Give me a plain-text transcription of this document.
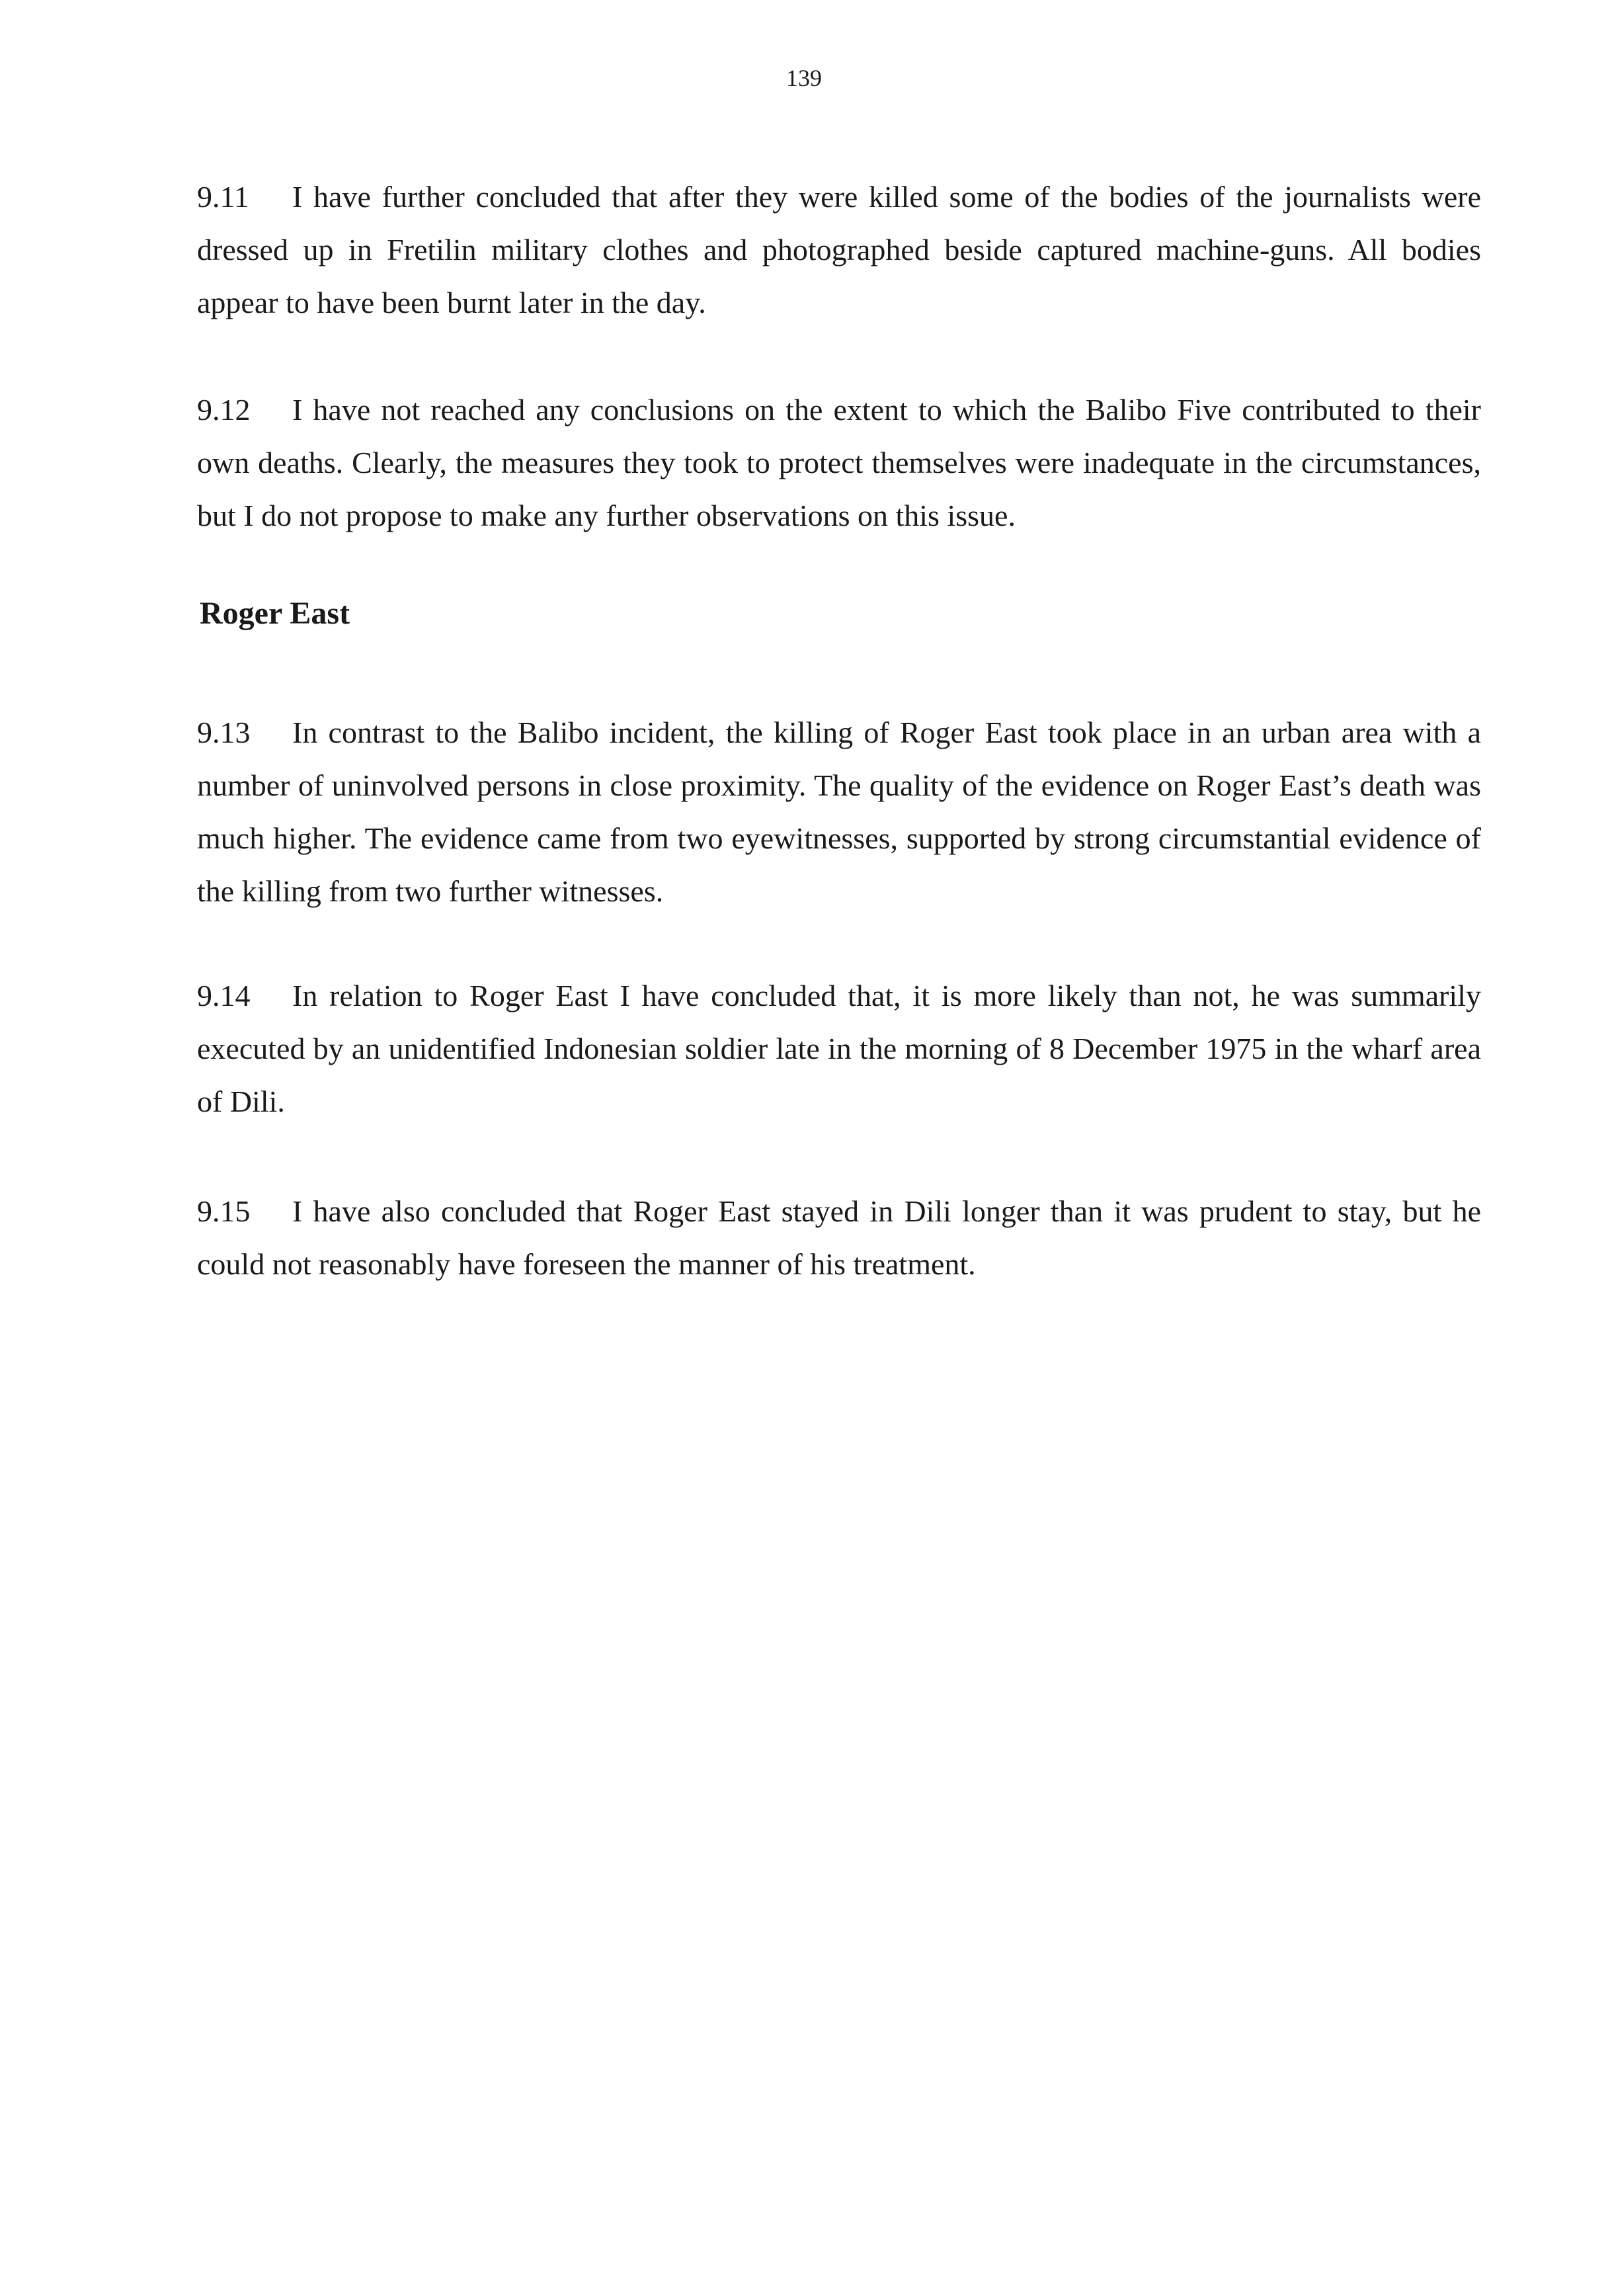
139

9.11 I have further concluded that after they were killed some of the bodies of the journalists were dressed up in Fretilin military clothes and photographed beside captured machine-guns. All bodies appear to have been burnt later in the day.

9.12 I have not reached any conclusions on the extent to which the Balibo Five contributed to their own deaths. Clearly, the measures they took to protect themselves were inadequate in the circumstances, but I do not propose to make any further observations on this issue.

Roger East

9.13 In contrast to the Balibo incident, the killing of Roger East took place in an urban area with a number of uninvolved persons in close proximity. The quality of the evidence on Roger East’s death was much higher. The evidence came from two eyewitnesses, supported by strong circumstantial evidence of the killing from two further witnesses.

9.14 In relation to Roger East I have concluded that, it is more likely than not, he was summarily executed by an unidentified Indonesian soldier late in the morning of 8 December 1975 in the wharf area of Dili.

9.15 I have also concluded that Roger East stayed in Dili longer than it was prudent to stay, but he could not reasonably have foreseen the manner of his treatment.
